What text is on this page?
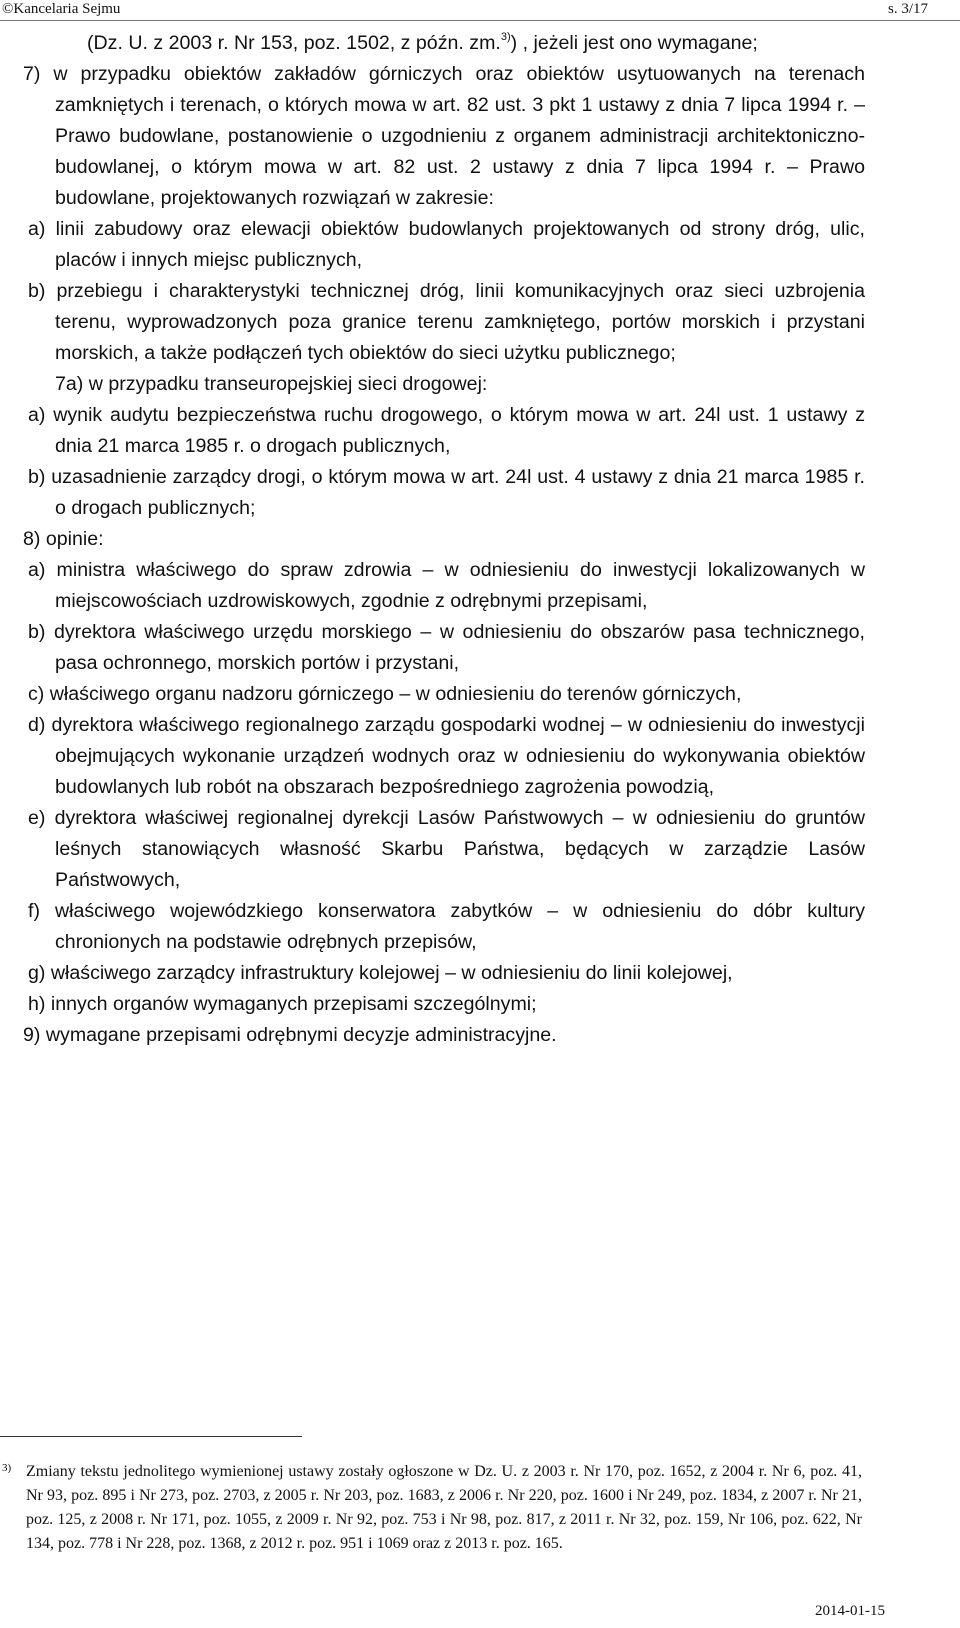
©Kancelaria Sejmu	s. 3/17

(Dz. U. z 2003 r. Nr 153, poz. 1502, z późn. zm.$^{3)}$) , jeżeli jest ono wymagane;

7) w przypadku obiektów zakładów górniczych oraz obiektów usytuowanych na terenach zamkniętych i terenach, o których mowa w art. 82 ust. 3 pkt 1 ustawy z dnia 7 lipca 1994 r. – Prawo budowlane, postanowienie o uzgodnieniu z organem administracji architektoniczno-budowlanej, o którym mowa w art. 82 ust. 2 ustawy z dnia 7 lipca 1994 r. – Prawo budowlane, projektowanych rozwiązań w zakresie:

a) linii zabudowy oraz elewacji obiektów budowlanych projektowanych od strony dróg, ulic, placów i innych miejsc publicznych,

b) przebiegu i charakterystyki technicznej dróg, linii komunikacyjnych oraz sieci uzbrojenia terenu, wyprowadzonych poza granice terenu zamkniętego, portów morskich i przystani morskich, a także podłączeń tych obiektów do sieci użytku publicznego;

7a) w przypadku transeuropejskiej sieci drogowej:

a) wynik audytu bezpieczeństwa ruchu drogowego, o którym mowa w art. 24l ust. 1 ustawy z dnia 21 marca 1985 r. o drogach publicznych,

b) uzasadnienie zarządcy drogi, o którym mowa w art. 24l ust. 4 ustawy z dnia 21 marca 1985 r. o drogach publicznych;

8) opinie:

a) ministra właściwego do spraw zdrowia – w odniesieniu do inwestycji lokalizowanych w miejscowościach uzdrowiskowych, zgodnie z odrębnymi przepisami,

b) dyrektora właściwego urzędu morskiego – w odniesieniu do obszarów pasa technicznego, pasa ochronnego, morskich portów i przystani,

c) właściwego organu nadzoru górniczego – w odniesieniu do terenów górniczych,

d) dyrektora właściwego regionalnego zarządu gospodarki wodnej – w odniesieniu do inwestycji obejmujących wykonanie urządzeń wodnych oraz w odniesieniu do wykonywania obiektów budowlanych lub robót na obszarach bezpośredniego zagrożenia powodzią,

e) dyrektora właściwej regionalnej dyrekcji Lasów Państwowych – w odniesieniu do gruntów leśnych stanowiących własność Skarbu Państwa, będących w zarządzie Lasów Państwowych,

f) właściwego wojewódzkiego konserwatora zabytków – w odniesieniu do dóbr kultury chronionych na podstawie odrębnych przepisów,

g) właściwego zarządcy infrastruktury kolejowej – w odniesieniu do linii kolejowej,

h) innych organów wymaganych przepisami szczególnymi;

9) wymagane przepisami odrębnymi decyzje administracyjne.

3) Zmiany tekstu jednolitego wymienionej ustawy zostały ogłoszone w Dz. U. z 2003 r. Nr 170, poz. 1652, z 2004 r. Nr 6, poz. 41, Nr 93, poz. 895 i Nr 273, poz. 2703, z 2005 r. Nr 203, poz. 1683, z 2006 r. Nr 220, poz. 1600 i Nr 249, poz. 1834, z 2007 r. Nr 21, poz. 125, z 2008 r. Nr 171, poz. 1055, z 2009 r. Nr 92, poz. 753 i Nr 98, poz. 817, z 2011 r. Nr 32, poz. 159, Nr 106, poz. 622, Nr 134, poz. 778 i Nr 228, poz. 1368, z 2012 r. poz. 951 i 1069 oraz z 2013 r. poz. 165.
2014-01-15
